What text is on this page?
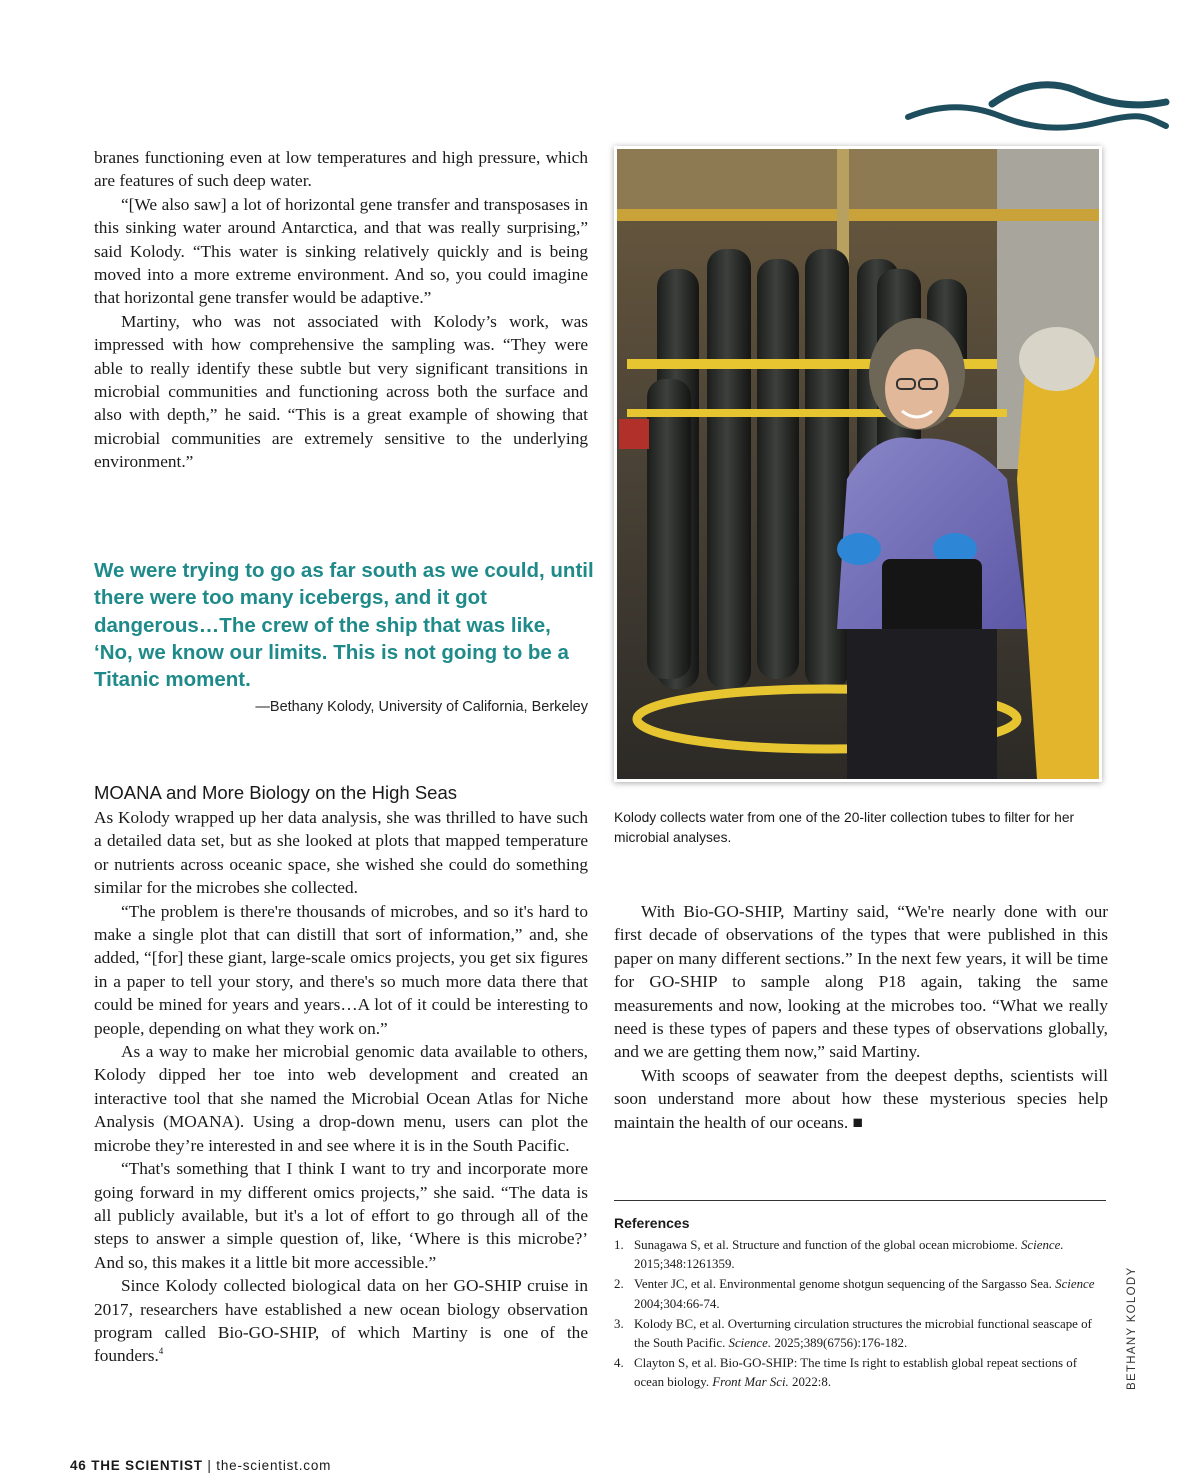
branes functioning even at low temperatures and high pressure, which are features of such deep water.

“[We also saw] a lot of horizontal gene transfer and transposases in this sinking water around Antarctica, and that was really surprising,” said Kolody. “This water is sinking relatively quickly and is being moved into a more extreme environment. And so, you could imagine that horizontal gene transfer would be adaptive.”

Martiny, who was not associated with Kolody’s work, was impressed with how comprehensive the sampling was. “They were able to really identify these subtle but very significant transitions in microbial communities and functioning across both the surface and also with depth,” he said. “This is a great example of showing that microbial communities are extremely sensitive to the underlying environment.”

We were trying to go as far south as we could, until there were too many icebergs, and it got dangerous…The crew of the ship that was like, ‘No, we know our limits. This is not going to be a Titanic moment.

—Bethany Kolody, University of California, Berkeley
MOANA and More Biology on the High Seas

As Kolody wrapped up her data analysis, she was thrilled to have such a detailed data set, but as she looked at plots that mapped temperature or nutrients across oceanic space, she wished she could do something similar for the microbes she collected.

“The problem is there're thousands of microbes, and so it's hard to make a single plot that can distill that sort of information,” and, she added, “[for] these giant, large-scale omics projects, you get six figures in a paper to tell your story, and there's so much more data there that could be mined for years and years…A lot of it could be interesting to people, depending on what they work on.”

As a way to make her microbial genomic data available to others, Kolody dipped her toe into web development and created an interactive tool that she named the Microbial Ocean Atlas for Niche Analysis (MOANA). Using a drop-down menu, users can plot the microbe they’re interested in and see where it is in the South Pacific.

“That's something that I think I want to try and incorporate more going forward in my different omics projects,” she said. “The data is all publicly available, but it's a lot of effort to go through all of the steps to answer a simple question of, like, ‘Where is this microbe?’ And so, this makes it a little bit more accessible.”

Since Kolody collected biological data on her GO-SHIP cruise in 2017, researchers have established a new ocean biology observation program called Bio-GO-SHIP, of which Martiny is one of the founders.$^4$

Kolody collects water from one of the 20-liter collection tubes to filter for her microbial analyses.

With Bio-GO-SHIP, Martiny said, “We're nearly done with our first decade of observations of the types that were published in this paper on many different sections.” In the next few years, it will be time for GO-SHIP to sample along P18 again, taking the same measurements and now, looking at the microbes too. “What we really need is these types of papers and these types of observations globally, and we are getting them now,” said Martiny.

With scoops of seawater from the deepest depths, scientists will soon understand more about how these mysterious species help maintain the health of our oceans. ■

References
1. Sunagawa S, et al. Structure and function of the global ocean microbiome. Science. 2015;348:1261359.
2. Venter JC, et al. Environmental genome shotgun sequencing of the Sargasso Sea. Science 2004;304:66-74.
3. Kolody BC, et al. Overturning circulation structures the microbial functional seascape of the South Pacific. Science. 2025;389(6756):176-182.
4. Clayton S, et al. Bio-GO-SHIP: The time Is right to establish global repeat sections of ocean biology. Front Mar Sci. 2022:8.	BETHANY KOLODY
46 THE SCIENTIST | the-scientist.com
